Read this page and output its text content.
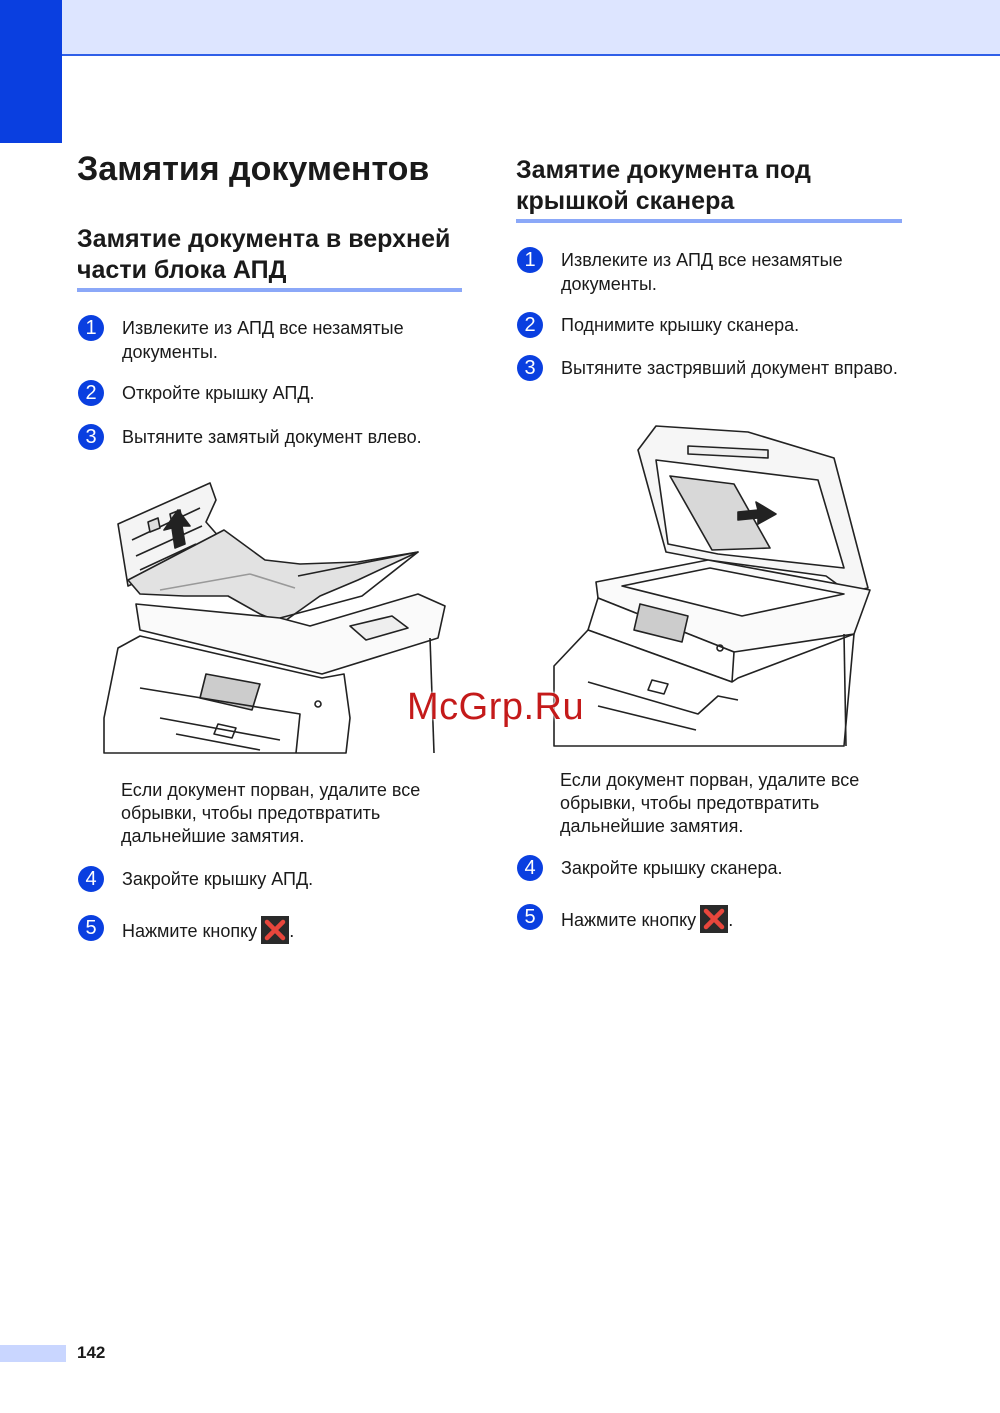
Замятия документов
Замятие документа в верхней части блока АПД
1	Извлеките из АПД все незамятые документы.
2	Откройте крышку АПД.
3	Вытяните замятый документ влево.
Если документ порван, удалите все обрывки, чтобы предотвратить дальнейшие замятия.
4	Закройте крышку АПД.
5	Нажмите кнопку .
Замятие документа под крышкой сканера
1	Извлеките из АПД все незамятые документы.
2	Поднимите крышку сканера.
3	Вытяните застрявший документ вправо.
Если документ порван, удалите все обрывки, чтобы предотвратить дальнейшие замятия.
4	Закройте крышку сканера.
5	Нажмите кнопку .
McGrp.Ru
142
